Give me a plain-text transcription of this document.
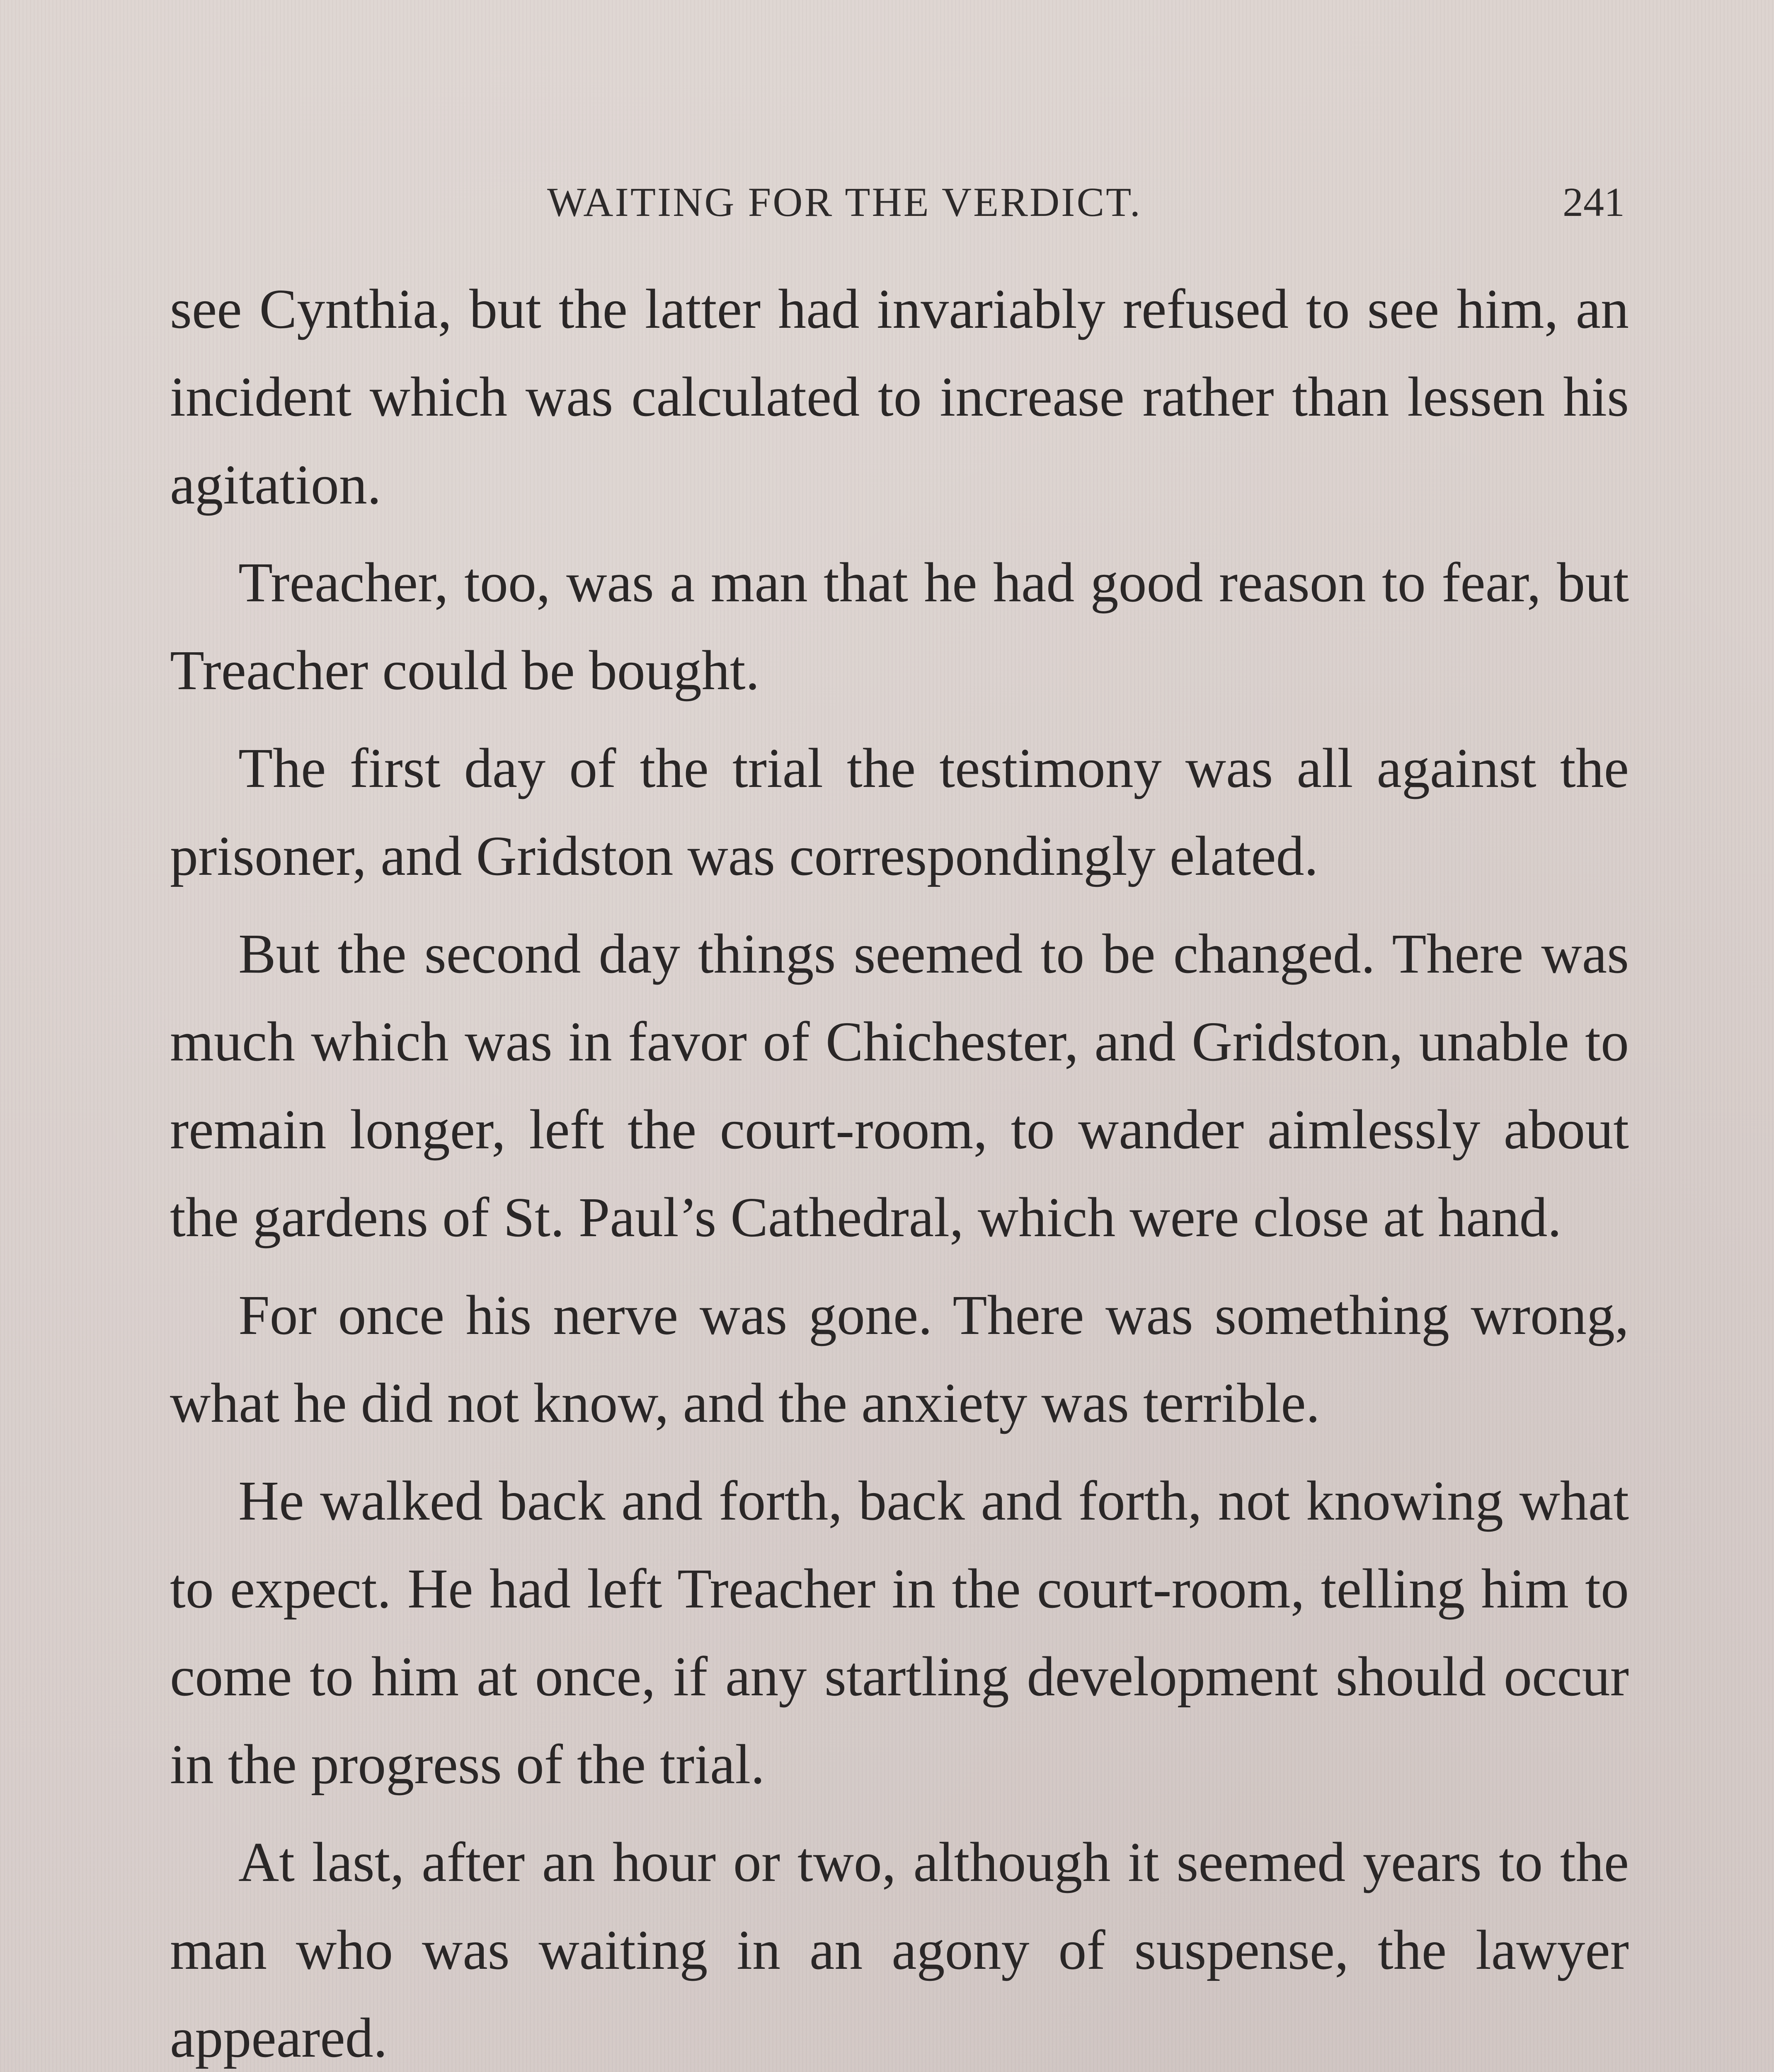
WAITING FOR THE VERDICT.	241

see Cynthia, but the latter had invariably refused to see him, an incident which was calculated to increase rather than lessen his agitation.

Treacher, too, was a man that he had good reason to fear, but Treacher could be bought.

The first day of the trial the testimony was all against the prisoner, and Gridston was correspondingly elated.

But the second day things seemed to be changed. There was much which was in favor of Chichester, and Gridston, unable to remain longer, left the court-room, to wander aimlessly about the gardens of St. Paul’s Cathedral, which were close at hand.

For once his nerve was gone. There was something wrong, what he did not know, and the anxiety was terrible.

He walked back and forth, back and forth, not knowing what to expect. He had left Treacher in the court-room, telling him to come to him at once, if any startling development should occur in the progress of the trial.

At last, after an hour or two, although it seemed years to the man who was waiting in an agony of suspense, the lawyer appeared.
